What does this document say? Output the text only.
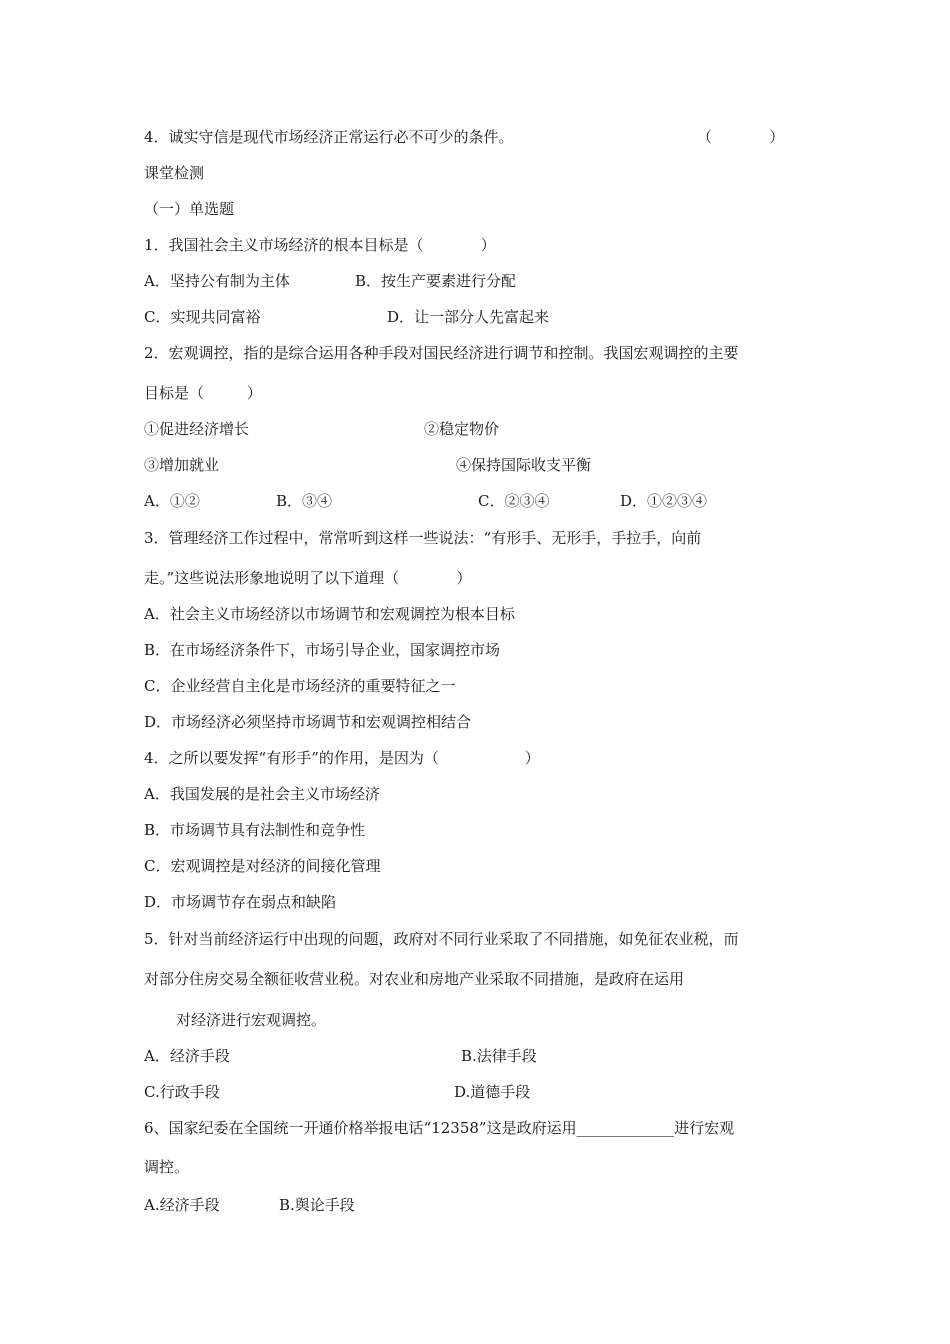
4．诚实守信是现代市场经济正常运行必不可少的条件。	（            ）
课堂检测
（一）单选题
1．我国社会主义市场经济的根本目标是（            ）
A．坚持公有制为主体	B．按生产要素进行分配
C．实现共同富裕	D．让一部分人先富起来
2．宏观调控，指的是综合运用各种手段对国民经济进行调节和控制。我国宏观调控的主要
目标是（         ）
①促进经济增长	②稳定物价
③增加就业	④保持国际收支平衡
A．①②	B．③④	C．②③④	D．①②③④
3．管理经济工作过程中，常常听到这样一些说法：“有形手、无形手，手拉手，向前
走。”这些说法形象地说明了以下道理（            ）
A．社会主义市场经济以市场调节和宏观调控为根本目标
B．在市场经济条件下，市场引导企业，国家调控市场
C．企业经营自主化是市场经济的重要特征之一
D．市场经济必须坚持市场调节和宏观调控相结合
4．之所以要发挥“有形手”的作用，是因为（                  ）
A．我国发展的是社会主义市场经济
B．市场调节具有法制性和竞争性
C．宏观调控是对经济的间接化管理
D．市场调节存在弱点和缺陷
5．针对当前经济运行中出现的问题，政府对不同行业采取了不同措施，如免征农业税，而
对部分住房交易全额征收营业税。对农业和房地产业采取不同措施，是政府在运用
对经济进行宏观调控。
A．经济手段	B.法律手段
C.行政手段	D.道德手段
6、国家纪委在全国统一开通价格举报电话“12358”这是政府运用_____________进行宏观
调控。
A.经济手段	B.舆论手段
